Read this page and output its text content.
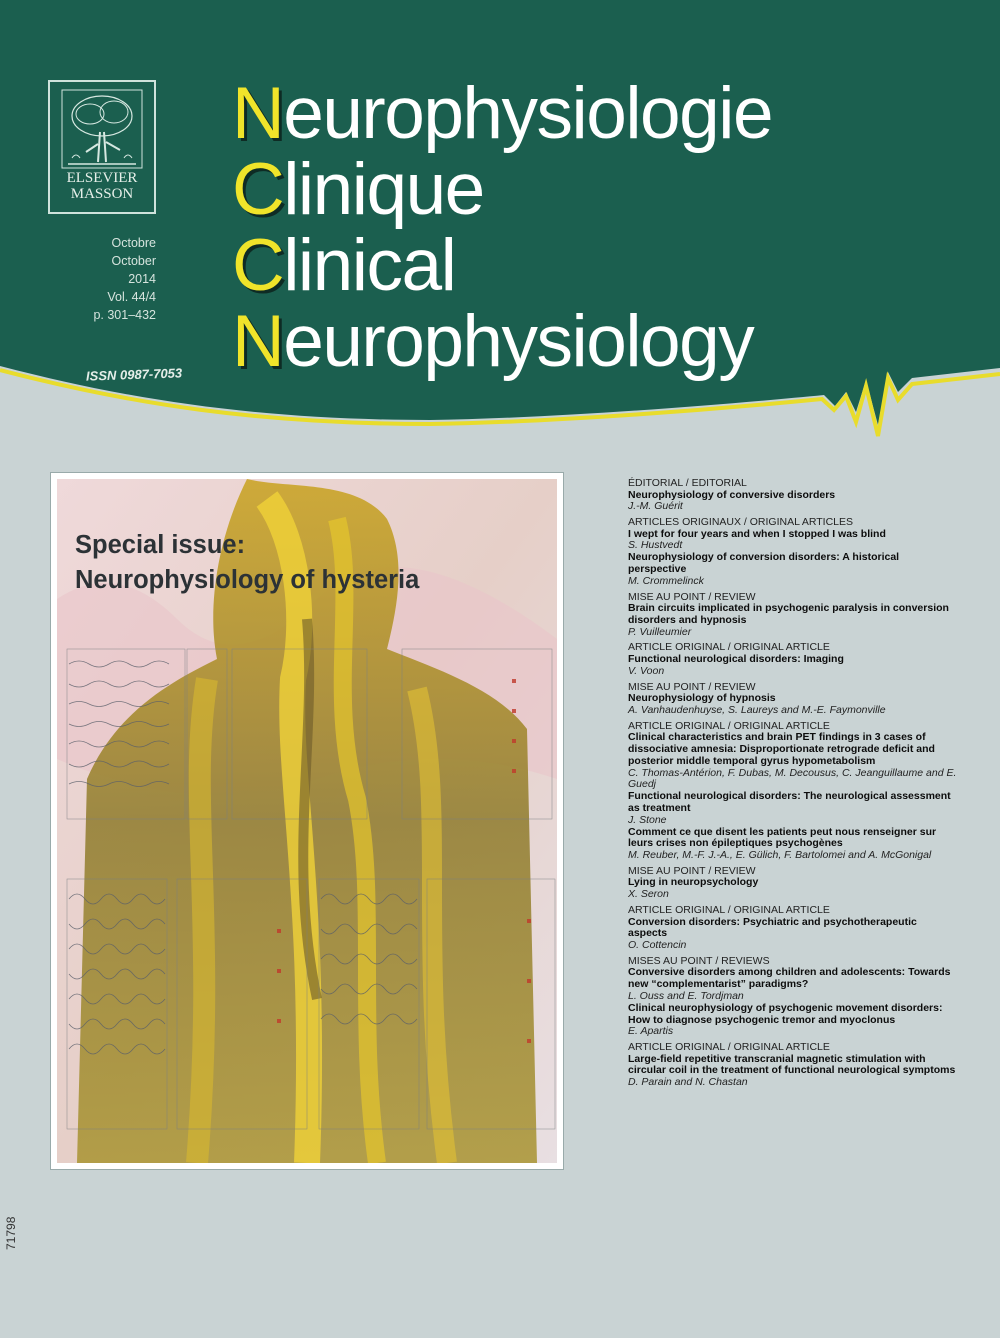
ELSEVIER
MASSON
Octobre
October
2014
Vol. 44/4
p. 301–432
ISSN 0987-7053
Neurophysiologie
Clinique
Clinical
Neurophysiology
Special issue:
Neurophysiology of hysteria
ÉDITORIAL / EDITORIAL
Neurophysiology of conversive disorders
J.-M. Guérit
ARTICLES ORIGINAUX / ORIGINAL ARTICLES
I wept for four years and when I stopped I was blind
S. Hustvedt
Neurophysiology of conversion disorders: A historical perspective
M. Crommelinck
MISE AU POINT / REVIEW
Brain circuits implicated in psychogenic paralysis in conversion disorders and hypnosis
P. Vuilleumier
ARTICLE ORIGINAL / ORIGINAL ARTICLE
Functional neurological disorders: Imaging
V. Voon
MISE AU POINT / REVIEW
Neurophysiology of hypnosis
A. Vanhaudenhuyse, S. Laureys and M.-E. Faymonville
ARTICLE ORIGINAL / ORIGINAL ARTICLE
Clinical characteristics and brain PET findings in 3 cases of dissociative amnesia: Disproportionate retrograde deficit and posterior middle temporal gyrus hypometabolism
C. Thomas-Antérion, F. Dubas, M. Decousus, C. Jeanguillaume and E. Guedj
Functional neurological disorders: The neurological assessment as treatment
J. Stone
Comment ce que disent les patients peut nous renseigner sur leurs crises non épileptiques psychogènes
M. Reuber, M.-F. J.-A., E. Gülich, F. Bartolomei and A. McGonigal
MISE AU POINT / REVIEW
Lying in neuropsychology
X. Seron
ARTICLE ORIGINAL / ORIGINAL ARTICLE
Conversion disorders: Psychiatric and psychotherapeutic aspects
O. Cottencin
MISES AU POINT / REVIEWS
Conversive disorders among children and adolescents: Towards new “complementarist” paradigms?
L. Ouss and E. Tordjman
Clinical neurophysiology of psychogenic movement disorders: How to diagnose psychogenic tremor and myoclonus
E. Apartis
ARTICLE ORIGINAL / ORIGINAL ARTICLE
Large-field repetitive transcranial magnetic stimulation with circular coil in the treatment of functional neurological symptoms
D. Parain and N. Chastan
71798
